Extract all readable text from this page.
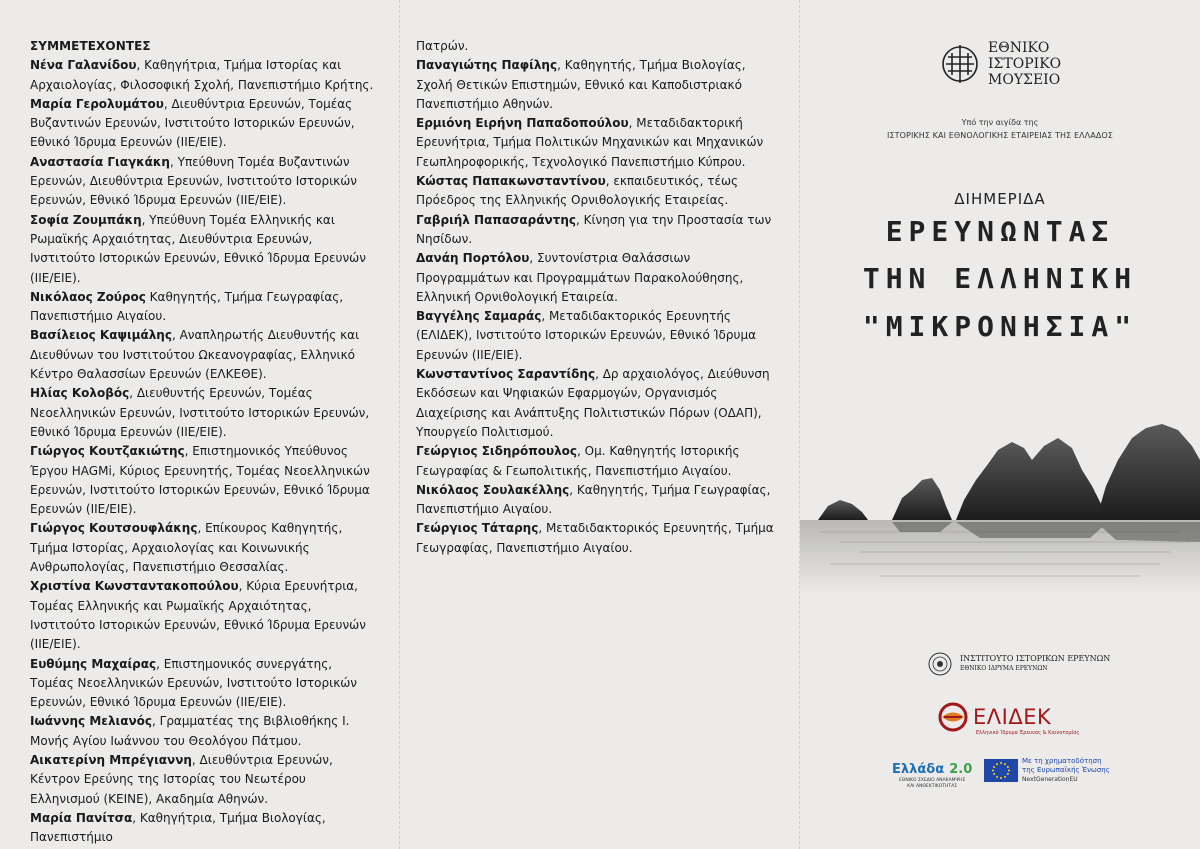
ΣΥΜΜΕΤΕΧΟΝΤΕΣ

Νένα Γαλανίδου, Καθηγήτρια, Τμήμα Ιστορίας και Αρχαιολογίας, Φιλοσοφική Σχολή, Πανεπιστήμιο Κρήτης.

Μαρία Γερολυμάτου, Διευθύντρια Ερευνών, Τομέας Βυζαντινών Ερευνών, Ινστιτούτο Ιστορικών Ερευνών, Εθνικό Ίδρυμα Ερευνών (ΙΙΕ/ΕΙΕ).

Αναστασία Γιαγκάκη, Υπεύθυνη Τομέα Βυζαντινών Ερευνών, Διευθύντρια Ερευνών, Ινστιτούτο Ιστορικών Ερευνών, Εθνικό Ίδρυμα Ερευνών (ΙΙΕ/ΕΙΕ).

Σοφία Ζουμπάκη, Υπεύθυνη Τομέα Ελληνικής και Ρωμαϊκής Αρχαιότητας, Διευθύντρια Ερευνών, Ινστιτούτο Ιστορικών Ερευνών, Εθνικό Ίδρυμα Ερευνών (ΙΙΕ/ΕΙΕ).

Νικόλαος Ζούρος Καθηγητής, Τμήμα Γεωγραφίας, Πανεπιστήμιο Αιγαίου.

Βασίλειος Καψιμάλης, Αναπληρωτής Διευθυντής και Διευθύνων του Ινστιτούτου Ωκεανογραφίας, Ελληνικό Κέντρο Θαλασσίων Ερευνών (ΕΛΚΕΘΕ).

Ηλίας Κολοβός, Διευθυντής Ερευνών, Τομέας Νεοελληνικών Ερευνών, Ινστιτούτο Ιστορικών Ερευνών, Εθνικό Ίδρυμα Ερευνών (ΙΙΕ/ΕΙΕ).

Γιώργος Κουτζακιώτης, Επιστημονικός Υπεύθυνος Έργου HAGMi, Κύριος Ερευνητής, Τομέας Νεοελληνικών Ερευνών, Ινστιτούτο Ιστορικών Ερευνών, Εθνικό Ίδρυμα Ερευνών (ΙΙΕ/ΕΙΕ).

Γιώργος Κουτσουφλάκης, Επίκουρος Καθηγητής, Τμήμα Ιστορίας, Αρχαιολογίας και Κοινωνικής Ανθρωπολογίας, Πανεπιστήμιο Θεσσαλίας.

Χριστίνα Κωνσταντακοπούλου, Κύρια Ερευνήτρια, Τομέας Ελληνικής και Ρωμαϊκής Αρχαιότητας, Ινστιτούτο Ιστορικών Ερευνών, Εθνικό Ίδρυμα Ερευνών (ΙΙΕ/ΕΙΕ).

Ευθύμης Μαχαίρας, Επιστημονικός συνεργάτης, Τομέας Νεοελληνικών Ερευνών, Ινστιτούτο Ιστορικών Ερευνών, Εθνικό Ίδρυμα Ερευνών (ΙΙΕ/ΕΙΕ).

Ιωάννης Μελιανός, Γραμματέας της Βιβλιοθήκης Ι. Μονής Αγίου Ιωάννου του Θεολόγου Πάτμου.

Αικατερίνη Μπρέγιαννη, Διευθύντρια Ερευνών, Κέντρον Ερεύνης της Ιστορίας του Νεωτέρου Ελληνισμού (ΚΕΙΝΕ), Ακαδημία Αθηνών.

Μαρία Πανίτσα, Καθηγήτρια, Τμήμα Βιολογίας, Πανεπιστήμιο

Πατρών.

Παναγιώτης Παφίλης, Καθηγητής, Τμήμα Βιολογίας, Σχολή Θετικών Επιστημών, Εθνικό και Καποδιστριακό Πανεπιστήμιο Αθηνών.

Ερμιόνη Ειρήνη Παπαδοπούλου, Μεταδιδακτορική Ερευνήτρια, Τμήμα Πολιτικών Μηχανικών και Μηχανικών Γεωπληροφορικής, Τεχνολογικό Πανεπιστήμιο Κύπρου.

Κώστας Παπακωνσταντίνου, εκπαιδευτικός, τέως Πρόεδρος της Ελληνικής Ορνιθολογικής Εταιρείας.

Γαβριήλ Παπασαράντης, Κίνηση για την Προστασία των Νησίδων.

Δανάη Πορτόλου, Συντονίστρια Θαλάσσιων Προγραμμάτων και Προγραμμάτων Παρακολούθησης, Ελληνική Ορνιθολογική Εταιρεία.

Βαγγέλης Σαμαράς, Μεταδιδακτορικός Ερευνητής (ΕΛΙΔΕΚ), Ινστιτούτο Ιστορικών Ερευνών, Εθνικό Ίδρυμα Ερευνών (ΙΙΕ/ΕΙΕ).

Κωνσταντίνος Σαραντίδης, Δρ αρχαιολόγος, Διεύθυνση Εκδόσεων και Ψηφιακών Εφαρμογών, Οργανισμός Διαχείρισης και Ανάπτυξης Πολιτιστικών Πόρων (ΟΔΑΠ), Υπουργείο Πολιτισμού.

Γεώργιος Σιδηρόπουλος, Ομ. Καθηγητής Ιστορικής Γεωγραφίας & Γεωπολιτικής, Πανεπιστήμιο Αιγαίου.

Νικόλαος Σουλακέλλης, Καθηγητής, Τμήμα Γεωγραφίας, Πανεπιστήμιο Αιγαίου.

Γεώργιος Τάταρης, Μεταδιδακτορικός Ερευνητής, Τμήμα Γεωγραφίας, Πανεπιστήμιο Αιγαίου.

ΕΘΝΙΚΟ
ΙΣΤΟΡΙΚΟ
ΜΟΥΣΕΙΟ
Υπό την αιγίδα της
ΙΣΤΟΡΙΚΗΣ ΚΑΙ ΕΘΝΟΛΟΓΙΚΗΣ ΕΤΑΙΡΕΙΑΣ ΤΗΣ ΕΛΛΑΔΟΣ
ΔΙΗΜΕΡΙΔΑ
ΕΡΕΥΝΩΝΤΑΣ
ΤΗΝ ΕΛΛΗΝΙΚΗ
"ΜΙΚΡΟΝΗΣΙΑ"
ΙΝΣΤΙΤΟΥΤΟ ΙΣΤΟΡΙΚΩΝ ΕΡΕΥΝΩΝ
ΕΘΝΙΚΟ ΙΔΡΥΜΑ ΕΡΕΥΝΩΝ
ΕΛΙΔΕΚ
Ελληνικό Ίδρυμα Έρευνας & Καινοτομίας
Ελλάδα 2.0
ΕΘΝΙΚΟ ΣΧΕΔΙΟ ΑΝΑΚΑΜΨΗΣ
ΚΑΙ ΑΝΘΕΚΤΙΚΟΤΗΤΑΣ
Με τη χρηματοδότηση
της Ευρωπαϊκής Ένωσης
NextGenerationEU
